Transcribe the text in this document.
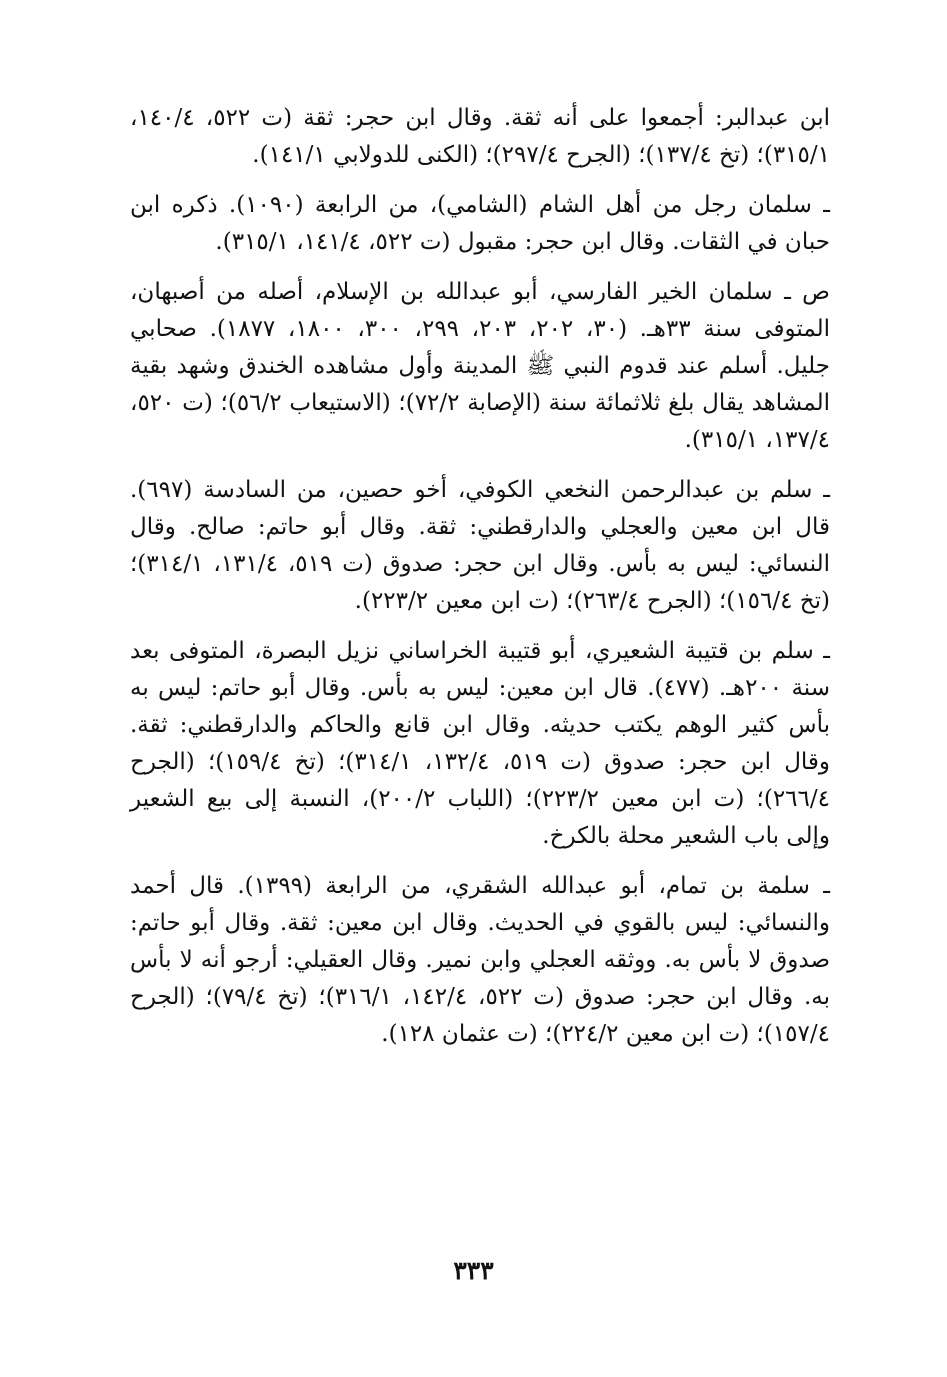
ابن عبدالبر: أجمعوا على أنه ثقة. وقال ابن حجر: ثقة (ت ٥٢٢، ١٤٠/٤، ٣١٥/١)؛ (تخ ١٣٧/٤)؛ (الجرح ٢٩٧/٤)؛ (الكنى للدولابي ١٤١/١).

ـ سلمان رجل من أهل الشام (الشامي)، من الرابعة (١٠٩٠). ذكره ابن حبان في الثقات. وقال ابن حجر: مقبول (ت ٥٢٢، ١٤١/٤، ٣١٥/١).

ص ـ سلمان الخير الفارسي، أبو عبدالله بن الإسلام، أصله من أصبهان، المتوفى سنة ٣٣هـ. (٣٠، ٢٠٢، ٢٠٣، ٢٩٩، ٣٠٠، ١٨٠٠، ١٨٧٧). صحابي جليل. أسلم عند قدوم النبي ﷺ المدينة وأول مشاهده الخندق وشهد بقية المشاهد يقال بلغ ثلاثمائة سنة (الإصابة ٧٢/٢)؛ (الاستيعاب ٥٦/٢)؛ (ت ٥٢٠، ١٣٧/٤، ٣١٥/١).

ـ سلم بن عبدالرحمن النخعي الكوفي، أخو حصين، من السادسة (٦٩٧). قال ابن معين والعجلي والدارقطني: ثقة. وقال أبو حاتم: صالح. وقال النسائي: ليس به بأس. وقال ابن حجر: صدوق (ت ٥١٩، ١٣١/٤، ٣١٤/١)؛ (تخ ١٥٦/٤)؛ (الجرح ٢٦٣/٤)؛ (ت ابن معين ٢٢٣/٢).

ـ سلم بن قتيبة الشعيري، أبو قتيبة الخراساني نزيل البصرة، المتوفى بعد سنة ٢٠٠هـ. (٤٧٧). قال ابن معين: ليس به بأس. وقال أبو حاتم: ليس به بأس كثير الوهم يكتب حديثه. وقال ابن قانع والحاكم والدارقطني: ثقة. وقال ابن حجر: صدوق (ت ٥١٩، ١٣٢/٤، ٣١٤/١)؛ (تخ ١٥٩/٤)؛ (الجرح ٢٦٦/٤)؛ (ت ابن معين ٢٢٣/٢)؛ (اللباب ٢٠٠/٢)، النسبة إلى بيع الشعير وإلى باب الشعير محلة بالكرخ.

ـ سلمة بن تمام، أبو عبدالله الشقري، من الرابعة (١٣٩٩). قال أحمد والنسائي: ليس بالقوي في الحديث. وقال ابن معين: ثقة. وقال أبو حاتم: صدوق لا بأس به. ووثقه العجلي وابن نمير. وقال العقيلي: أرجو أنه لا بأس به. وقال ابن حجر: صدوق (ت ٥٢٢، ١٤٢/٤، ٣١٦/١)؛ (تخ ٧٩/٤)؛ (الجرح ١٥٧/٤)؛ (ت ابن معين ٢٢٤/٢)؛ (ت عثمان ١٢٨).

٣٣٣
